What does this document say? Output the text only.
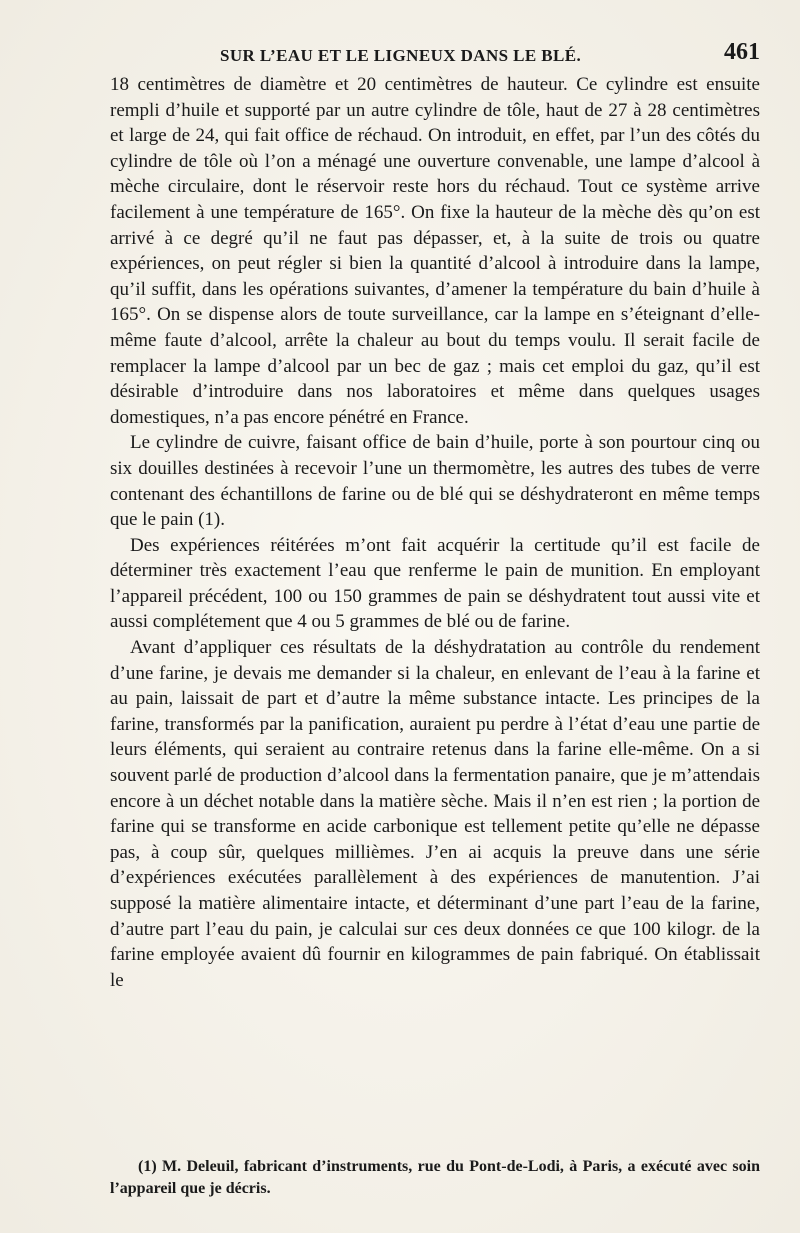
SUR L’EAU ET LE LIGNEUX DANS LE BLÉ.	461

18 centimètres de diamètre et 20 centimètres de hauteur. Ce cylindre est ensuite rempli d’huile et supporté par un autre cylindre de tôle, haut de 27 à 28 centimètres et large de 24, qui fait office de réchaud. On introduit, en effet, par l’un des côtés du cylindre de tôle où l’on a ménagé une ouverture convenable, une lampe d’alcool à mèche circulaire, dont le réservoir reste hors du réchaud. Tout ce système arrive facilement à une température de 165°. On fixe la hauteur de la mèche dès qu’on est arrivé à ce degré qu’il ne faut pas dépasser, et, à la suite de trois ou quatre expériences, on peut régler si bien la quantité d’alcool à introduire dans la lampe, qu’il suffit, dans les opérations suivantes, d’amener la température du bain d’huile à 165°. On se dispense alors de toute surveillance, car la lampe en s’éteignant d’elle-même faute d’alcool, arrête la chaleur au bout du temps voulu. Il serait facile de remplacer la lampe d’alcool par un bec de gaz ; mais cet emploi du gaz, qu’il est désirable d’introduire dans nos laboratoires et même dans quelques usages domestiques, n’a pas encore pénétré en France.

Le cylindre de cuivre, faisant office de bain d’huile, porte à son pourtour cinq ou six douilles destinées à recevoir l’une un thermomètre, les autres des tubes de verre contenant des échantillons de farine ou de blé qui se déshydrateront en même temps que le pain (1).

Des expériences réitérées m’ont fait acquérir la certitude qu’il est facile de déterminer très exactement l’eau que renferme le pain de munition. En employant l’appareil précédent, 100 ou 150 grammes de pain se déshydratent tout aussi vite et aussi complétement que 4 ou 5 grammes de blé ou de farine.

Avant d’appliquer ces résultats de la déshydratation au contrôle du rendement d’une farine, je devais me demander si la chaleur, en enlevant de l’eau à la farine et au pain, laissait de part et d’autre la même substance intacte. Les principes de la farine, transformés par la panification, auraient pu perdre à l’état d’eau une partie de leurs éléments, qui seraient au contraire retenus dans la farine elle-même. On a si souvent parlé de production d’alcool dans la fermentation panaire, que je m’attendais encore à un déchet notable dans la matière sèche. Mais il n’en est rien ; la portion de farine qui se transforme en acide carbonique est tellement petite qu’elle ne dépasse pas, à coup sûr, quelques millièmes. J’en ai acquis la preuve dans une série d’expériences exécutées parallèlement à des expériences de manutention. J’ai supposé la matière alimentaire intacte, et déterminant d’une part l’eau de la farine, d’autre part l’eau du pain, je calculai sur ces deux données ce que 100 kilogr. de la farine employée avaient dû fournir en kilogrammes de pain fabriqué. On établissait le

(1) M. Deleuil, fabricant d’instruments, rue du Pont-de-Lodi, à Paris, a exécuté avec soin l’appareil que je décris.
